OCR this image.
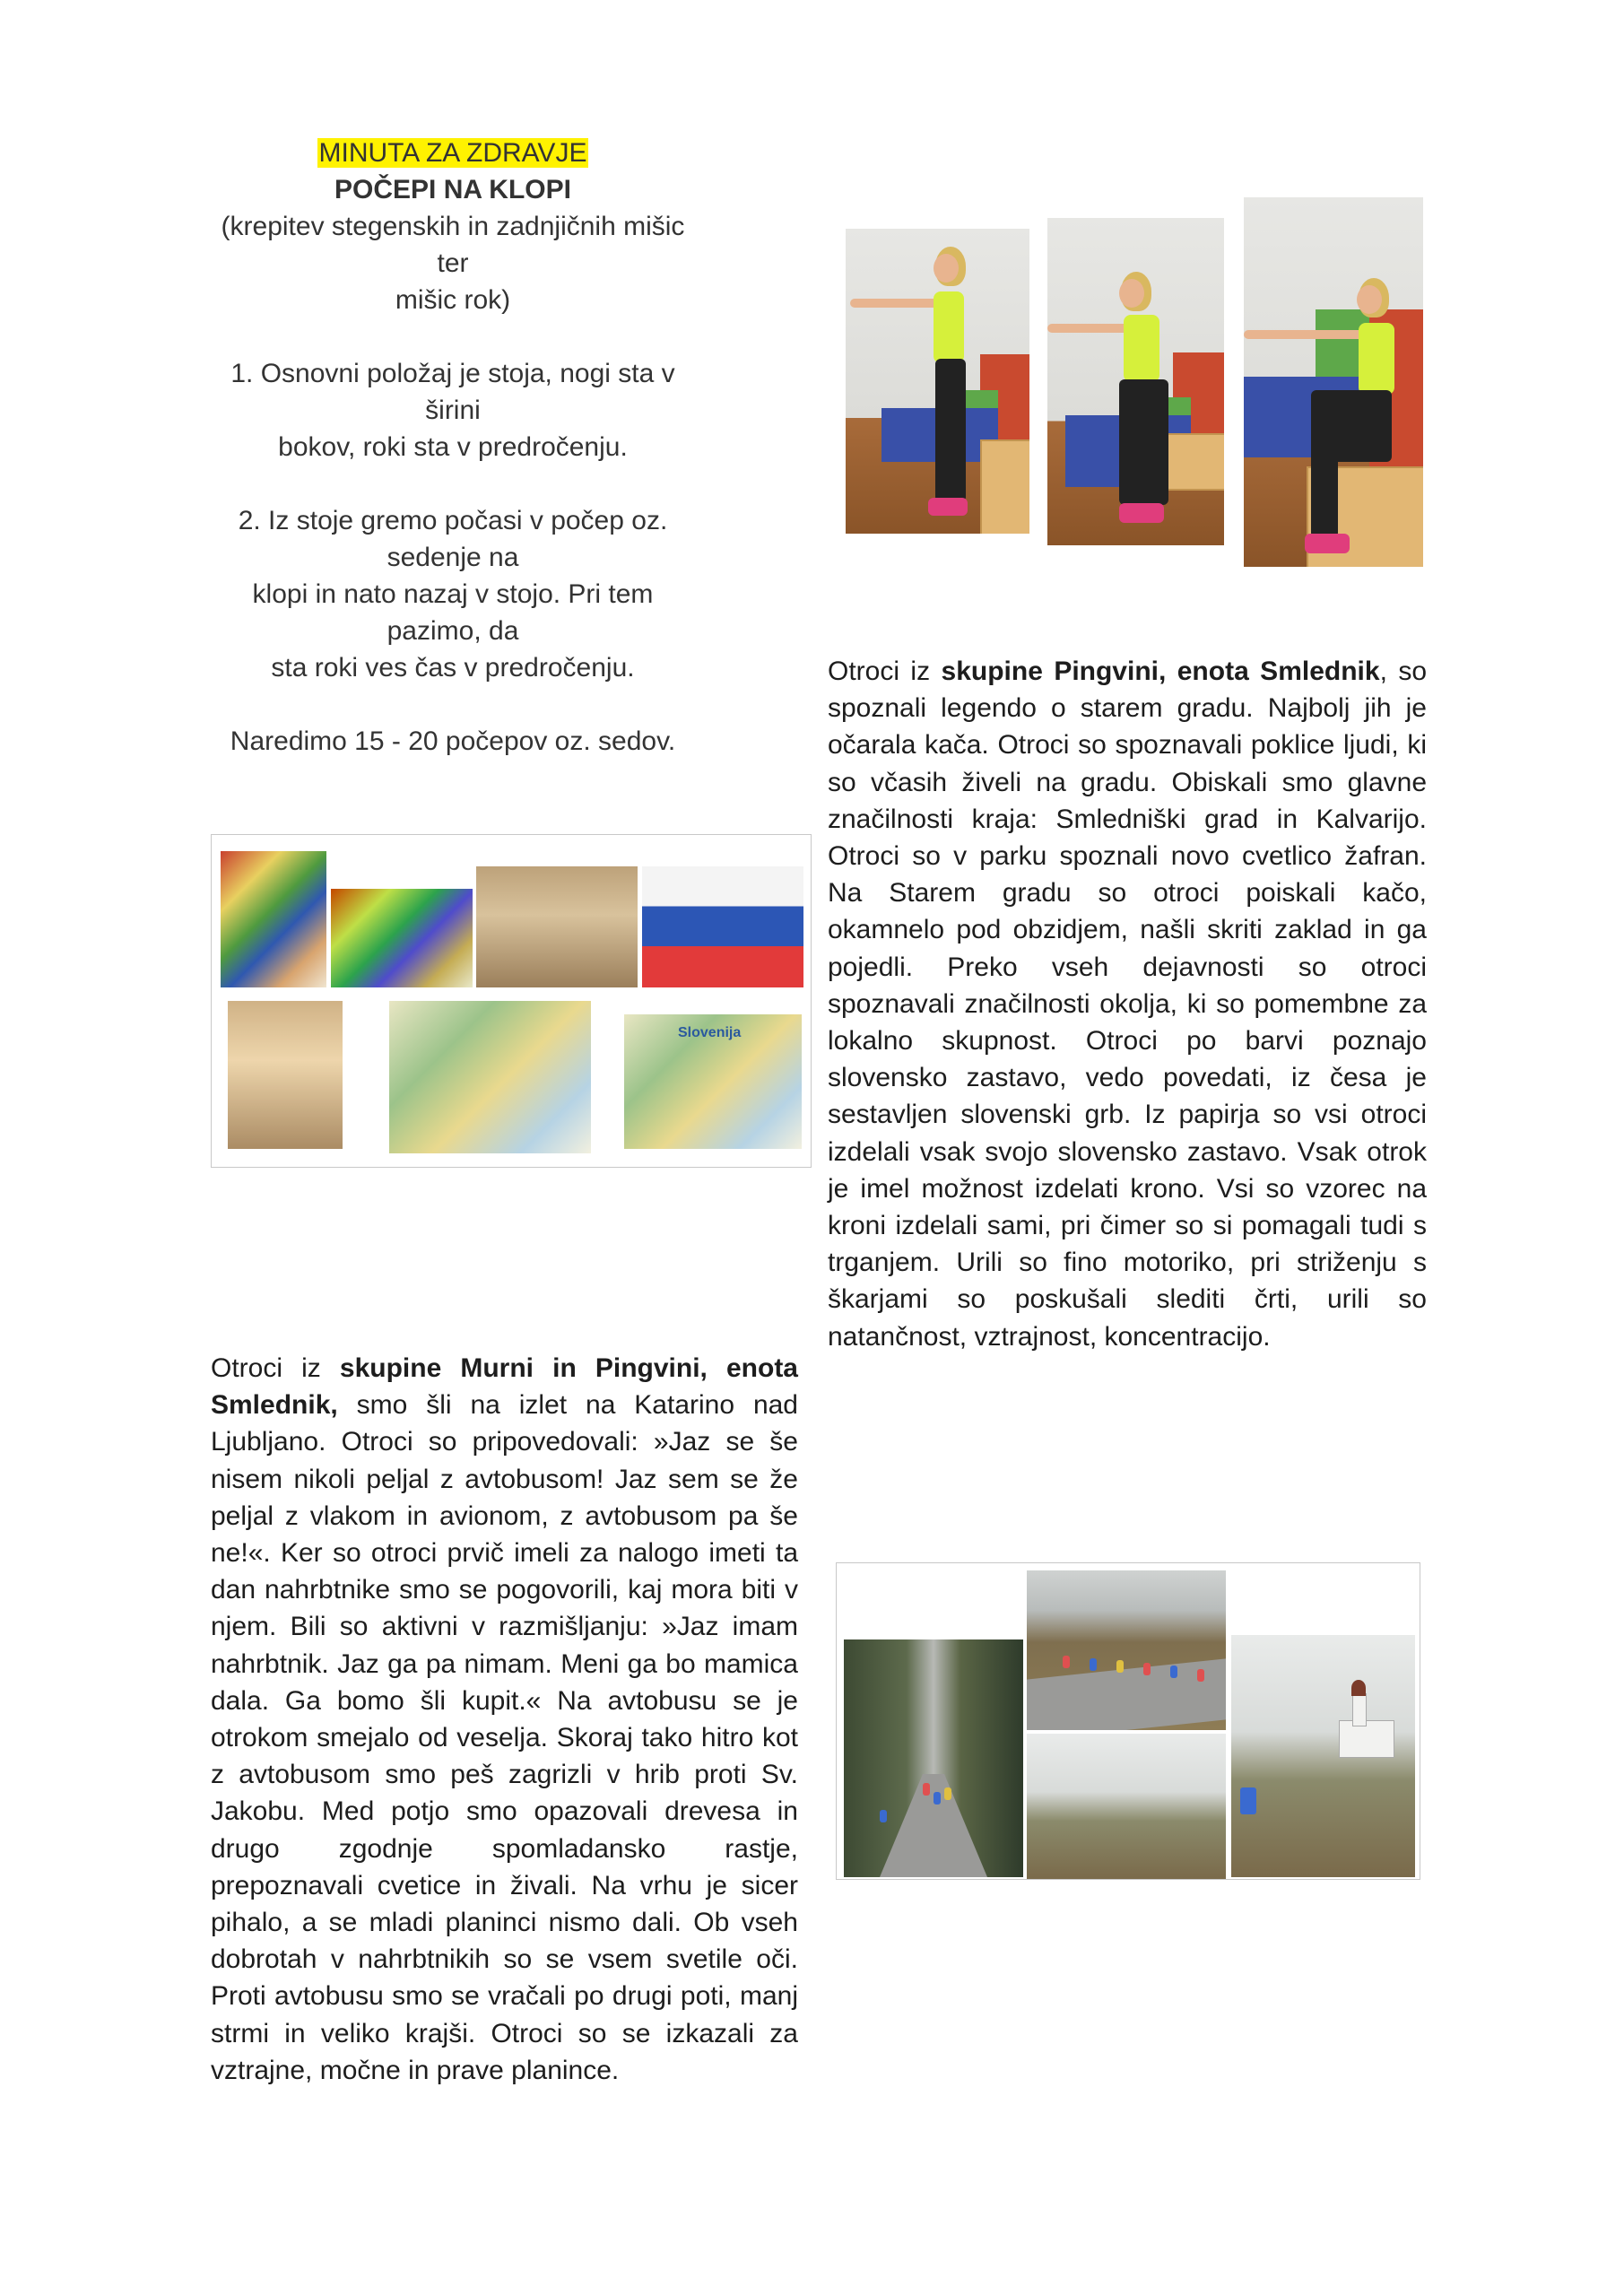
MINUTA ZA ZDRAVJE
POČEPI NA KLOPI
(krepitev stegenskih in zadnjičnih mišic ter
mišic rok)
1. Osnovni položaj je stoja, nogi sta v širini
bokov, roki sta v predročenju.
2. Iz stoje gremo počasi v počep oz. sedenje na
klopi in nato nazaj v stojo. Pri tem pazimo, da
sta roki ves čas v predročenju.
Naredimo 15 - 20 počepov oz. sedov.

Otroci iz skupine Pingvini, enota Smlednik, so spoznali legendo o starem gradu. Najbolj jih je očarala kača. Otroci so spoznavali poklice ljudi, ki so včasih živeli na gradu. Obiskali smo glavne značilnosti kraja: Smledniški grad in Kalvarijo. Otroci so v parku spoznali novo cvetlico žafran. Na Starem gradu so otroci poiskali kačo, okamnelo pod obzidjem, našli skriti zaklad in ga pojedli. Preko vseh dejavnosti so otroci spoznavali značilnosti okolja, ki so pomembne za lokalno skupnost. Otroci po barvi poznajo slovensko zastavo, vedo povedati, iz česa je sestavljen slovenski grb. Iz papirja so vsi otroci izdelali vsak svojo slovensko zastavo. Vsak otrok je imel možnost izdelati krono. Vsi so vzorec na kroni izdelali sami, pri čimer so si pomagali tudi s trganjem. Urili so fino motoriko, pri striženju s škarjami so poskušali slediti črti, urili so natančnost, vztrajnost, koncentracijo.

Slovenija

Otroci iz skupine Murni in Pingvini, enota Smlednik, smo šli na izlet na Katarino nad Ljubljano. Otroci so pripovedovali: »Jaz se še nisem nikoli peljal z avtobusom! Jaz sem se že peljal z vlakom in avionom, z avtobusom pa še ne!«. Ker so otroci prvič imeli za nalogo imeti ta dan nahrbtnike smo se pogovorili, kaj mora biti v njem. Bili so aktivni v razmišljanju: »Jaz imam nahrbtnik. Jaz ga pa nimam. Meni ga bo mamica dala. Ga bomo šli kupit.« Na avtobusu se je otrokom smejalo od veselja. Skoraj tako hitro kot z avtobusom smo peš zagrizli v hrib proti Sv. Jakobu. Med potjo smo opazovali drevesa in drugo zgodnje spomladansko rastje, prepoznavali cvetice in živali. Na vrhu je sicer pihalo, a se mladi planinci nismo dali. Ob vseh dobrotah v nahrbtnikih so se vsem svetile oči. Proti avtobusu smo se vračali po drugi poti, manj strmi in veliko krajši. Otroci so se izkazali za vztrajne, močne in prave planince.
